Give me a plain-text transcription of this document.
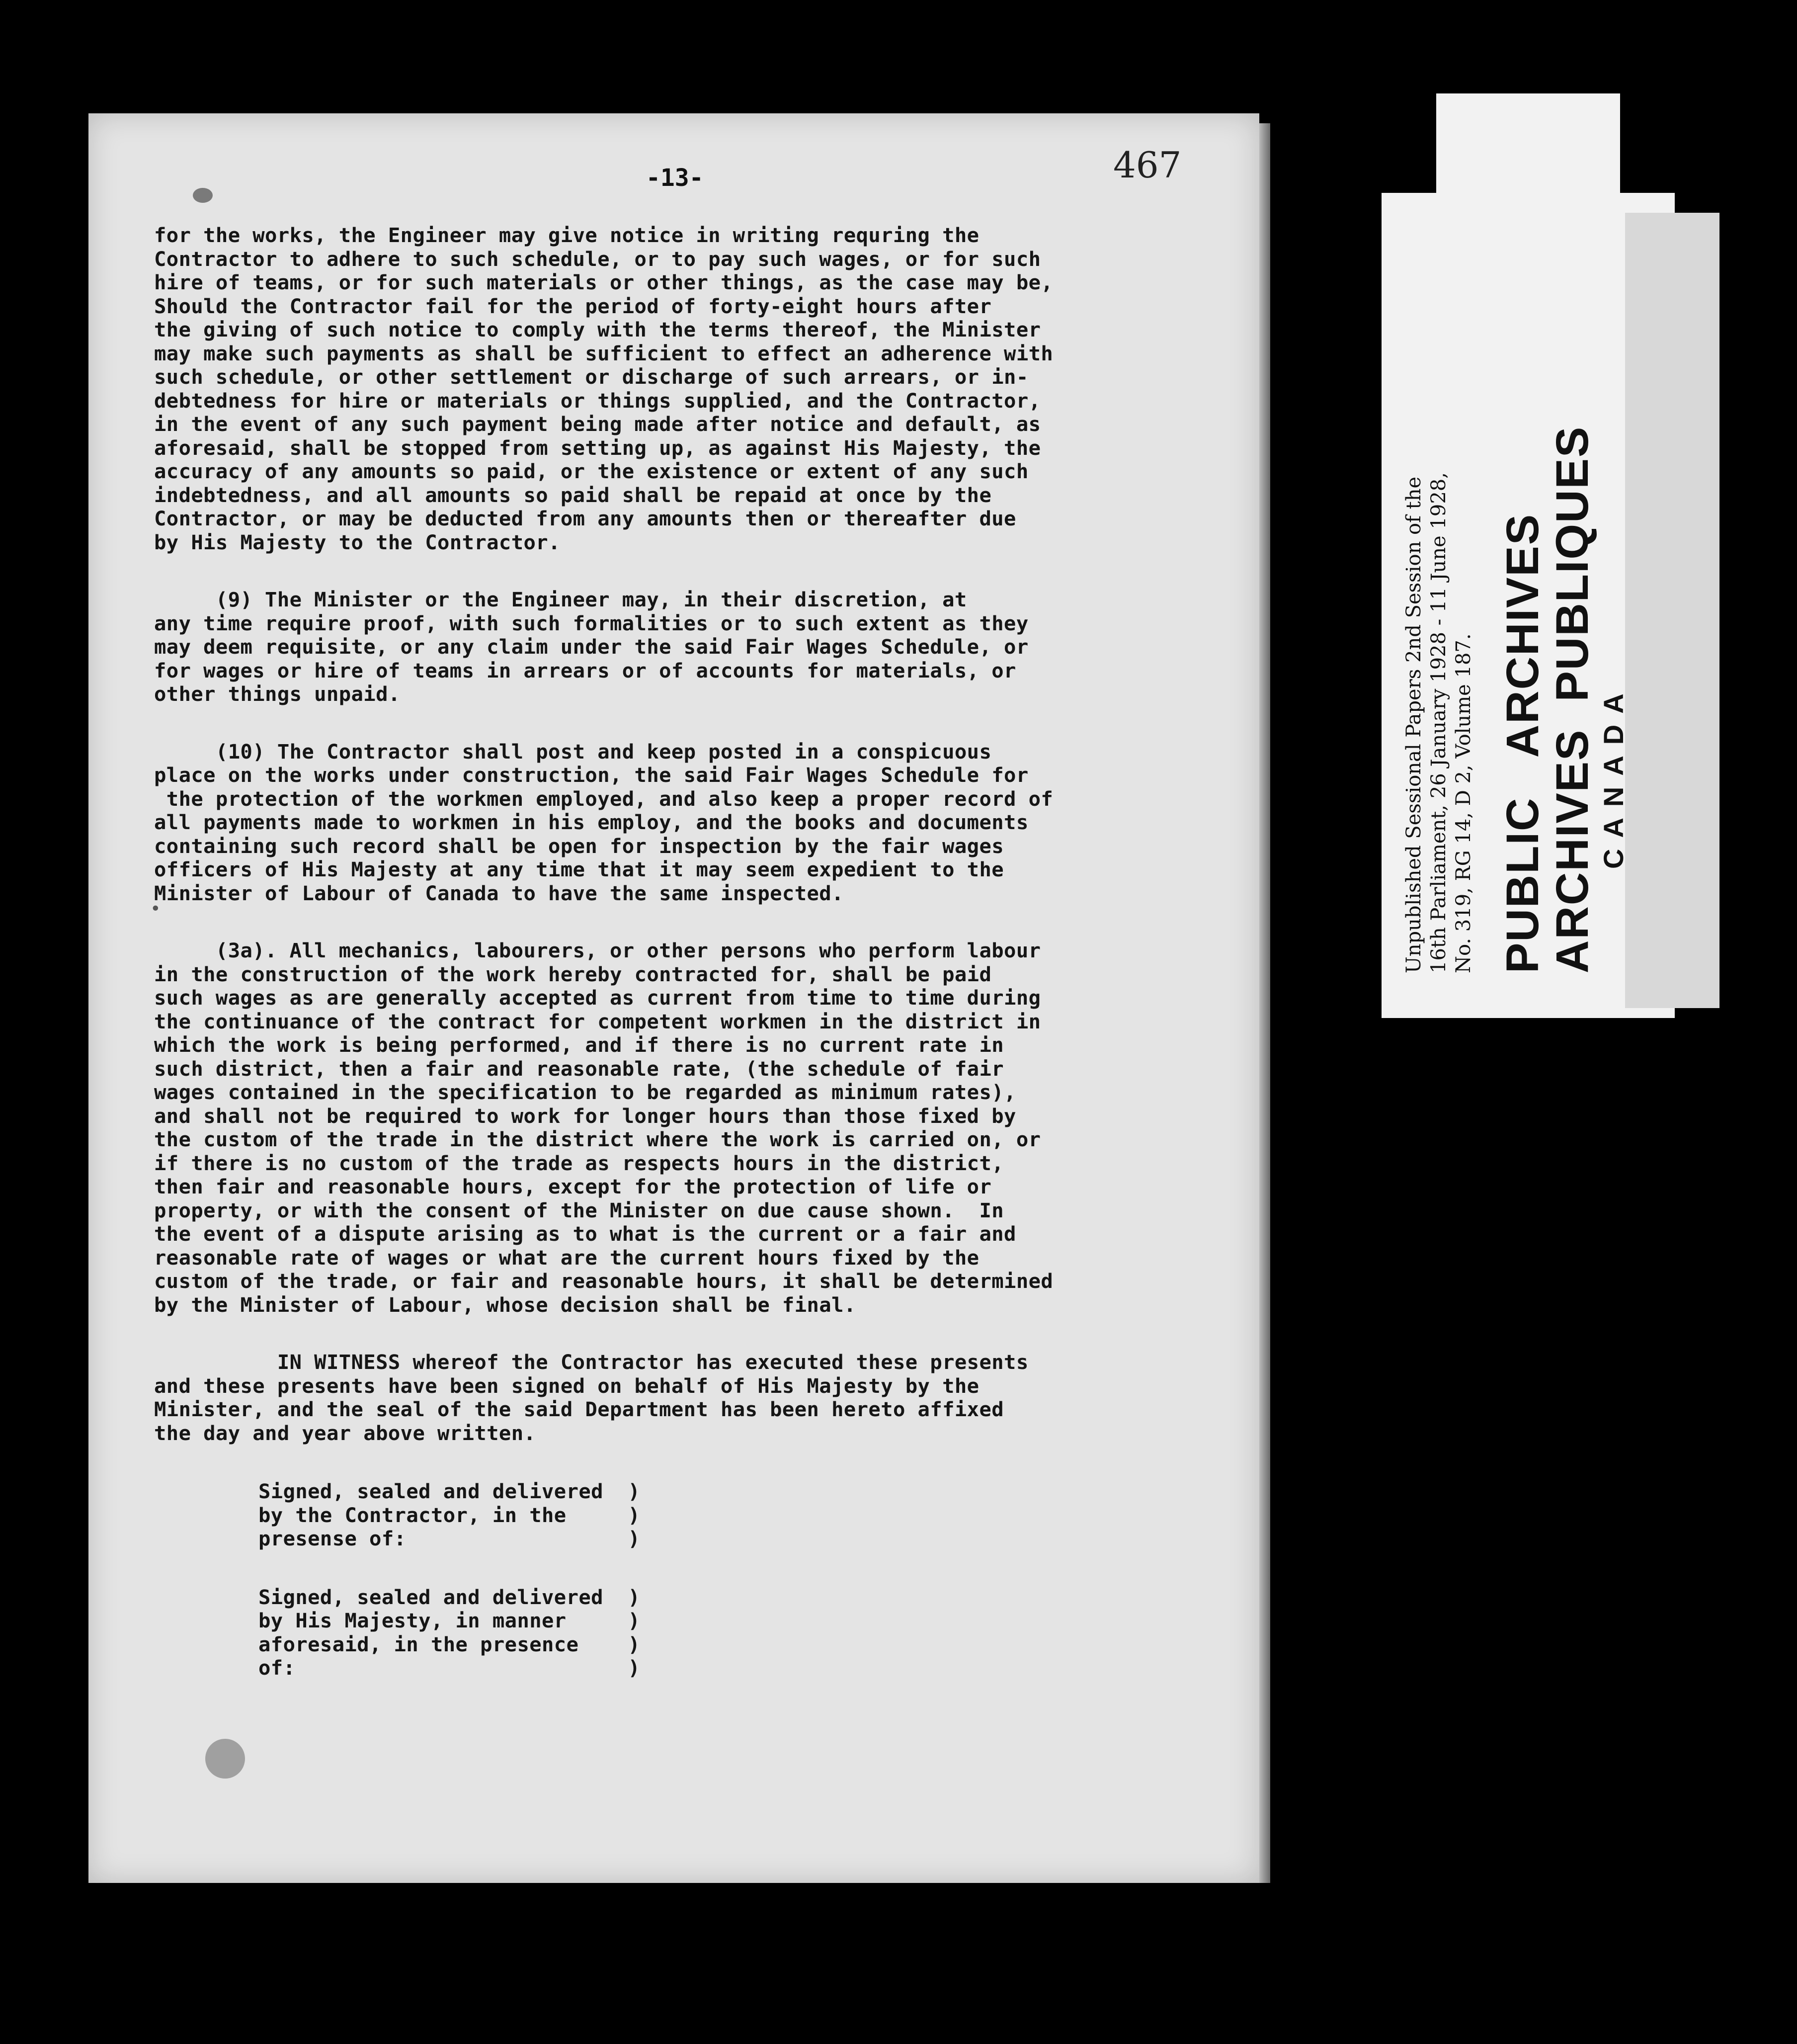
•
467
-13-
for the works, the Engineer may give notice in writing requring the
Contractor to adhere to such schedule, or to pay such wages, or for such
hire of teams, or for such materials or other things, as the case may be,
Should the Contractor fail for the period of forty-eight hours after
the giving of such notice to comply with the terms thereof, the Minister
may make such payments as shall be sufficient to effect an adherence with
such schedule, or other settlement or discharge of such arrears, or in-
debtedness for hire or materials or things supplied, and the Contractor,
in the event of any such payment being made after notice and default, as
aforesaid, shall be stopped from setting up, as against His Majesty, the
accuracy of any amounts so paid, or the existence or extent of any such
indebtedness, and all amounts so paid shall be repaid at once by the
Contractor, or may be deducted from any amounts then or thereafter due
by His Majesty to the Contractor.
(9) The Minister or the Engineer may, in their discretion, at
any time require proof, with such formalities or to such extent as they
may deem requisite, or any claim under the said Fair Wages Schedule, or
for wages or hire of teams in arrears or of accounts for materials, or
other things unpaid.
(10) The Contractor shall post and keep posted in a conspicuous
place on the works under construction, the said Fair Wages Schedule for
the protection of the workmen employed, and also keep a proper record of
all payments made to workmen in his employ, and the books and documents
containing such record shall be open for inspection by the fair wages
officers of His Majesty at any time that it may seem expedient to the
Minister of Labour of Canada to have the same inspected.
(3a). All mechanics, labourers, or other persons who perform labour
in the construction of the work hereby contracted for, shall be paid
such wages as are generally accepted as current from time to time during
the continuance of the contract for competent workmen in the district in
which the work is being performed, and if there is no current rate in
such district, then a fair and reasonable rate, (the schedule of fair
wages contained in the specification to be regarded as minimum rates),
and shall not be required to work for longer hours than those fixed by
the custom of the trade in the district where the work is carried on, or
if there is no custom of the trade as respects hours in the district,
then fair and reasonable hours, except for the protection of life or
property, or with the consent of the Minister on due cause shown.  In
the event of a dispute arising as to what is the current or a fair and
reasonable rate of wages or what are the current hours fixed by the
custom of the trade, or fair and reasonable hours, it shall be determined
by the Minister of Labour, whose decision shall be final.
IN WITNESS whereof the Contractor has executed these presents
and these presents have been signed on behalf of His Majesty by the
Minister, and the seal of the said Department has been hereto affixed
the day and year above written.
Signed, sealed and delivered  )
by the Contractor, in the     )
presense of:                  )
Signed, sealed and delivered  )
by His Majesty, in manner     )
aforesaid, in the presence    )
of:                           )

Unpublished Sessional Papers 2nd Session of the 16th Parliament, 26 January 1928 - 11 June 1928, No. 319, RG 14, D 2, Volume 187. PUBLIC   ARCHIVES

ARCHIVES  PUBLIQUES CANADA
